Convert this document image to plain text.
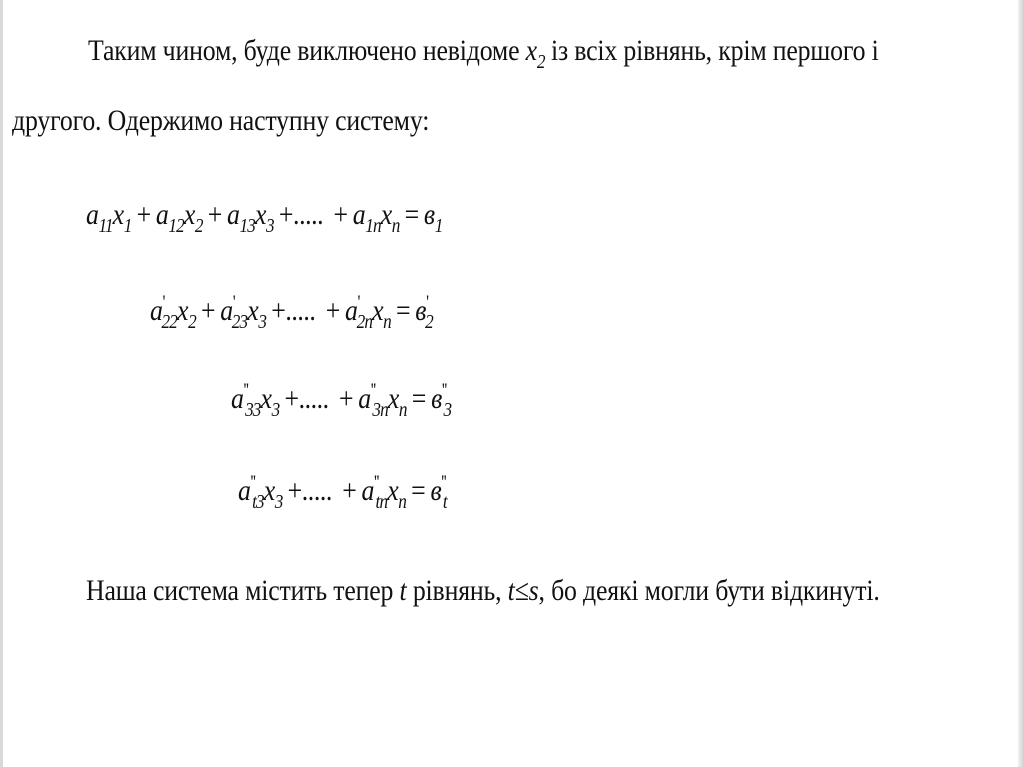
Таким чином, буде виключено невідоме $x_2$ із всіх рівнянь, крім першого і
другого. Одержимо наступну систему:
$a_{11}x_1 + a_{12}x_2 + a_{13}x_3$ +..... + $a_{1n}x_n = в_1$
$a'_{22}x_2 + a'_{23}x_3$ +..... + $a'_{2n}x_n = в'_2$
$a''_{33}x_3$ +..... + $a''_{3n}x_n = в''_3$
$a''_{t3}x_3$ +..... + $a''_{tn}x_n = в''_t$
Наша система містить тепер t рівнянь, t≤s, бо деякі могли бути відкинуті.
